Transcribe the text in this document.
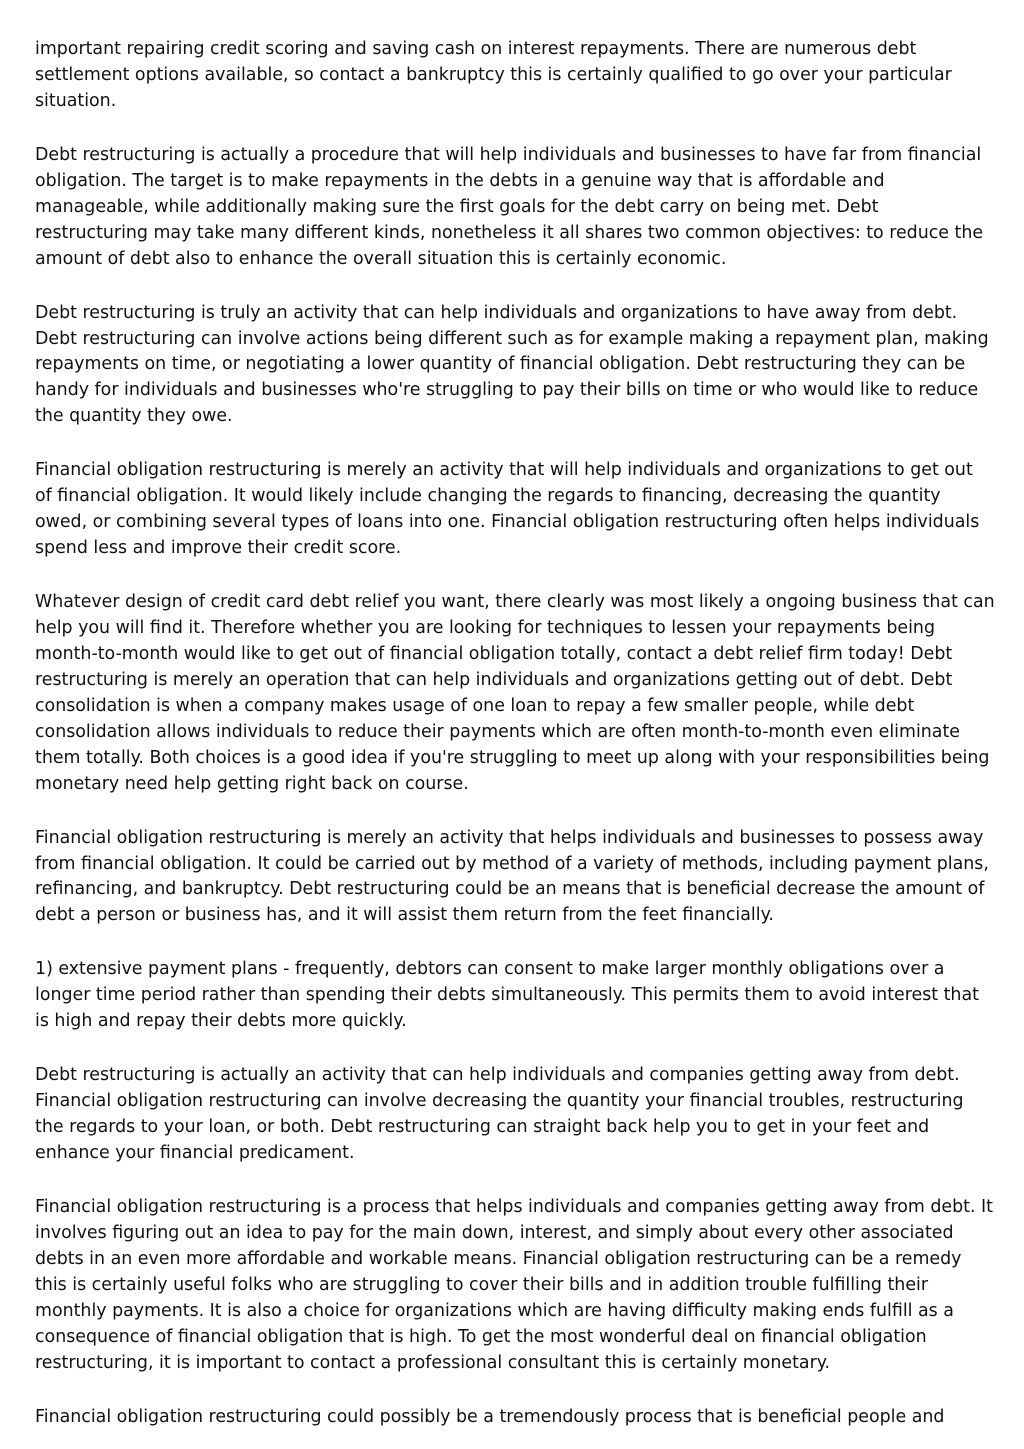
important repairing credit scoring and saving cash on interest repayments. There are numerous debt settlement options available, so contact a bankruptcy this is certainly qualified to go over your particular situation.

Debt restructuring is actually a procedure that will help individuals and businesses to have far from financial obligation. The target is to make repayments in the debts in a genuine way that is affordable and manageable, while additionally making sure the first goals for the debt carry on being met. Debt restructuring may take many different kinds, nonetheless it all shares two common objectives: to reduce the amount of debt also to enhance the overall situation this is certainly economic.

Debt restructuring is truly an activity that can help individuals and organizations to have away from debt. Debt restructuring can involve actions being different such as for example making a repayment plan, making repayments on time, or negotiating a lower quantity of financial obligation. Debt restructuring they can be handy for individuals and businesses who're struggling to pay their bills on time or who would like to reduce the quantity they owe.

Financial obligation restructuring is merely an activity that will help individuals and organizations to get out of financial obligation. It would likely include changing the regards to financing, decreasing the quantity owed, or combining several types of loans into one. Financial obligation restructuring often helps individuals spend less and improve their credit score.

Whatever design of credit card debt relief you want, there clearly was most likely a ongoing business that can help you will find it. Therefore whether you are looking for techniques to lessen your repayments being month-to-month would like to get out of financial obligation totally, contact a debt relief firm today! Debt restructuring is merely an operation that can help individuals and organizations getting out of debt. Debt consolidation is when a company makes usage of one loan to repay a few smaller people, while debt consolidation allows individuals to reduce their payments which are often month-to-month even eliminate them totally. Both choices is a good idea if you're struggling to meet up along with your responsibilities being monetary need help getting right back on course.

Financial obligation restructuring is merely an activity that helps individuals and businesses to possess away from financial obligation. It could be carried out by method of a variety of methods, including payment plans, refinancing, and bankruptcy. Debt restructuring could be an means that is beneficial decrease the amount of debt a person or business has, and it will assist them return from the feet financially.

1) extensive payment plans - frequently, debtors can consent to make larger monthly obligations over a longer time period rather than spending their debts simultaneously. This permits them to avoid interest that is high and repay their debts more quickly.

Debt restructuring is actually an activity that can help individuals and companies getting away from debt. Financial obligation restructuring can involve decreasing the quantity your financial troubles, restructuring the regards to your loan, or both. Debt restructuring can straight back help you to get in your feet and enhance your financial predicament.

Financial obligation restructuring is a process that helps individuals and companies getting away from debt. It involves figuring out an idea to pay for the main down, interest, and simply about every other associated debts in an even more affordable and workable means. Financial obligation restructuring can be a remedy this is certainly useful folks who are struggling to cover their bills and in addition trouble fulfilling their monthly payments. It is also a choice for organizations which are having difficulty making ends fulfill as a consequence of financial obligation that is high. To get the most wonderful deal on financial obligation restructuring, it is important to contact a professional consultant this is certainly monetary.

Financial obligation restructuring could possibly be a tremendously process that is beneficial people and
